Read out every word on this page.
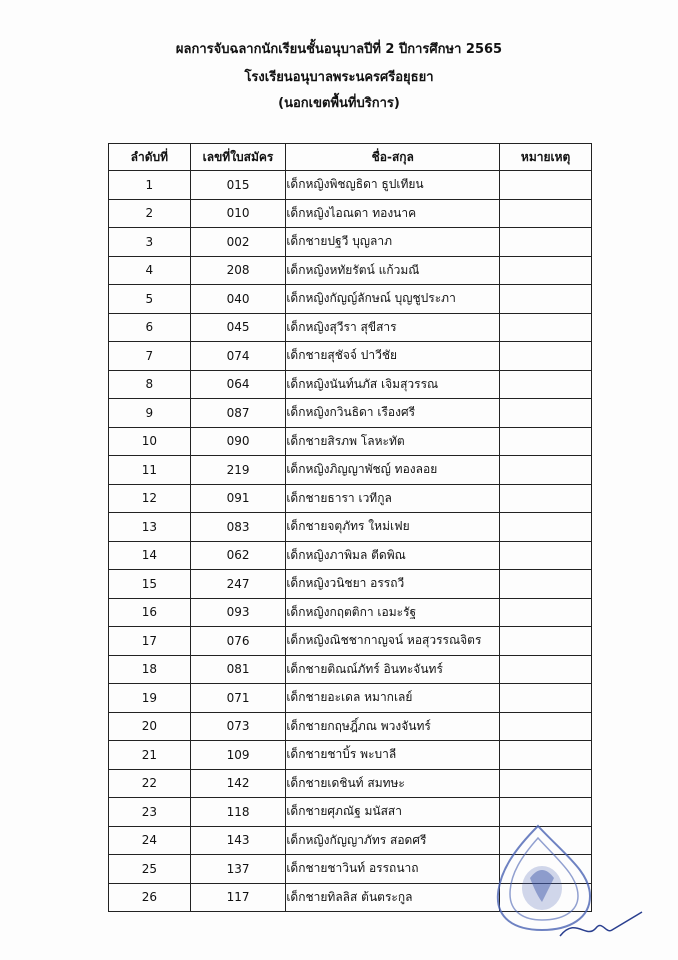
ผลการจับฉลากนักเรียนชั้นอนุบาลปีที่ 2 ปีการศึกษา 2565
โรงเรียนอนุบาลพระนครศรีอยุธยา
(นอกเขตพื้นที่บริการ)
ลำดับที่	เลขที่ใบสมัคร	ชื่อ-สกุล	หมายเหตุ
1	015	เด็กหญิงพิชญธิดา ธูปเทียน	
2	010	เด็กหญิงไอณดา ทองนาค	
3	002	เด็กชายปฐวี บุญลาภ	
4	208	เด็กหญิงหทัยรัตน์ แก้วมณี	
5	040	เด็กหญิงกัญญ์ลักษณ์ บุญชูประภา	
6	045	เด็กหญิงสุวีรา สุขีสาร	
7	074	เด็กชายสุชัจจ์ ปาวีชัย	
8	064	เด็กหญิงนันท์นภัส เจิมสุวรรณ	
9	087	เด็กหญิงกวินธิดา เรืองศรี	
10	090	เด็กชายสิรภพ โลหะทัต	
11	219	เด็กหญิงภิญญาพัชญ์ ทองลอย	
12	091	เด็กชายธารา เวทีกูล	
13	083	เด็กชายจตุภัทร ใหม่เฟย	
14	062	เด็กหญิงภาพิมล ตีดพิณ	
15	247	เด็กหญิงวนิชยา อรรถวี	
16	093	เด็กหญิงกฤตติกา เอมะรัฐ	
17	076	เด็กหญิงณิชชากาญจน์ หอสุวรรณจิตร	
18	081	เด็กชายติณณ์ภัทร์ อินทะจันทร์	
19	071	เด็กชายอะเดล หมากเลย์	
20	073	เด็กชายกฤษฎิ์ภณ พวงจันทร์	
21	109	เด็กชายชาบิ้ร พะบาลี	
22	142	เด็กชายเดชินท์ สมทษะ	
23	118	เด็กชายศุภณัฐ มนัสสา	
24	143	เด็กหญิงกัญญาภัทร สอดศรี	
25	137	เด็กชายชาวินท์ อรรถนาถ	
26	117	เด็กชายทิลลิส ต้นตระกูล	
